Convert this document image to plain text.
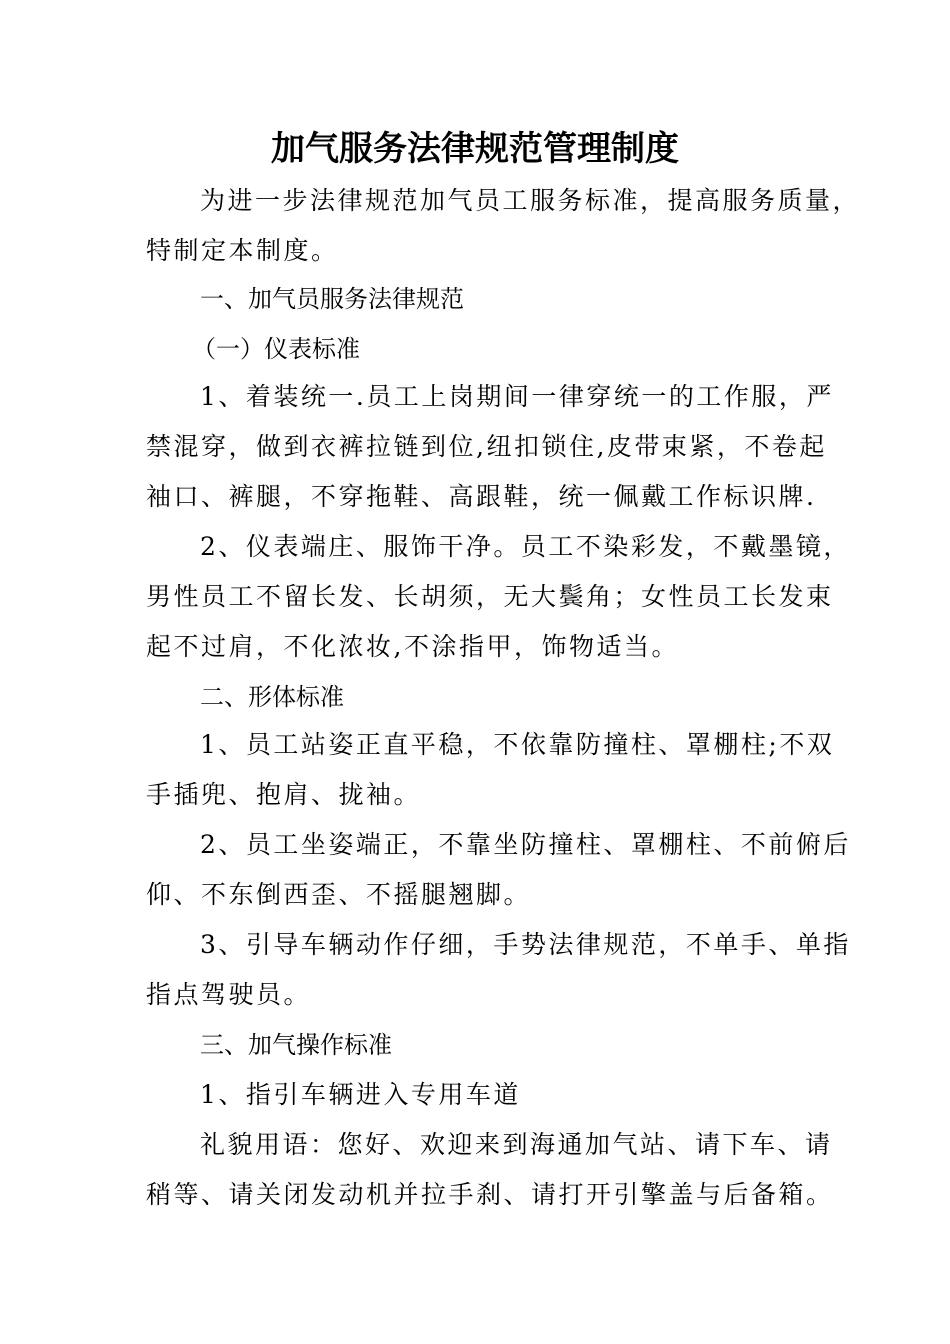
加气服务法律规范管理制度

为进一步法律规范加气员工服务标准，提高服务质量，
特制定本制度。

一、加气员服务法律规范

（一）仪表标准

1、着装统一.员工上岗期间一律穿统一的工作服，严
禁混穿，做到衣裤拉链到位,纽扣锁住,皮带束紧，不卷起
袖口、裤腿，不穿拖鞋、高跟鞋，统一佩戴工作标识牌.

2、仪表端庄、服饰干净。员工不染彩发，不戴墨镜，
男性员工不留长发、长胡须，无大鬓角；女性员工长发束
起不过肩，不化浓妆,不涂指甲，饰物适当。

二、形体标准

1、员工站姿正直平稳，不依靠防撞柱、罩棚柱;不双
手插兜、抱肩、拢袖。

2、员工坐姿端正，不靠坐防撞柱、罩棚柱、不前俯后
仰、不东倒西歪、不摇腿翘脚。

3、引导车辆动作仔细，手势法律规范，不单手、单指
指点驾驶员。

三、加气操作标准

1、指引车辆进入专用车道

礼貌用语：您好、欢迎来到海通加气站、请下车、请
稍等、请关闭发动机并拉手刹、请打开引擎盖与后备箱。
